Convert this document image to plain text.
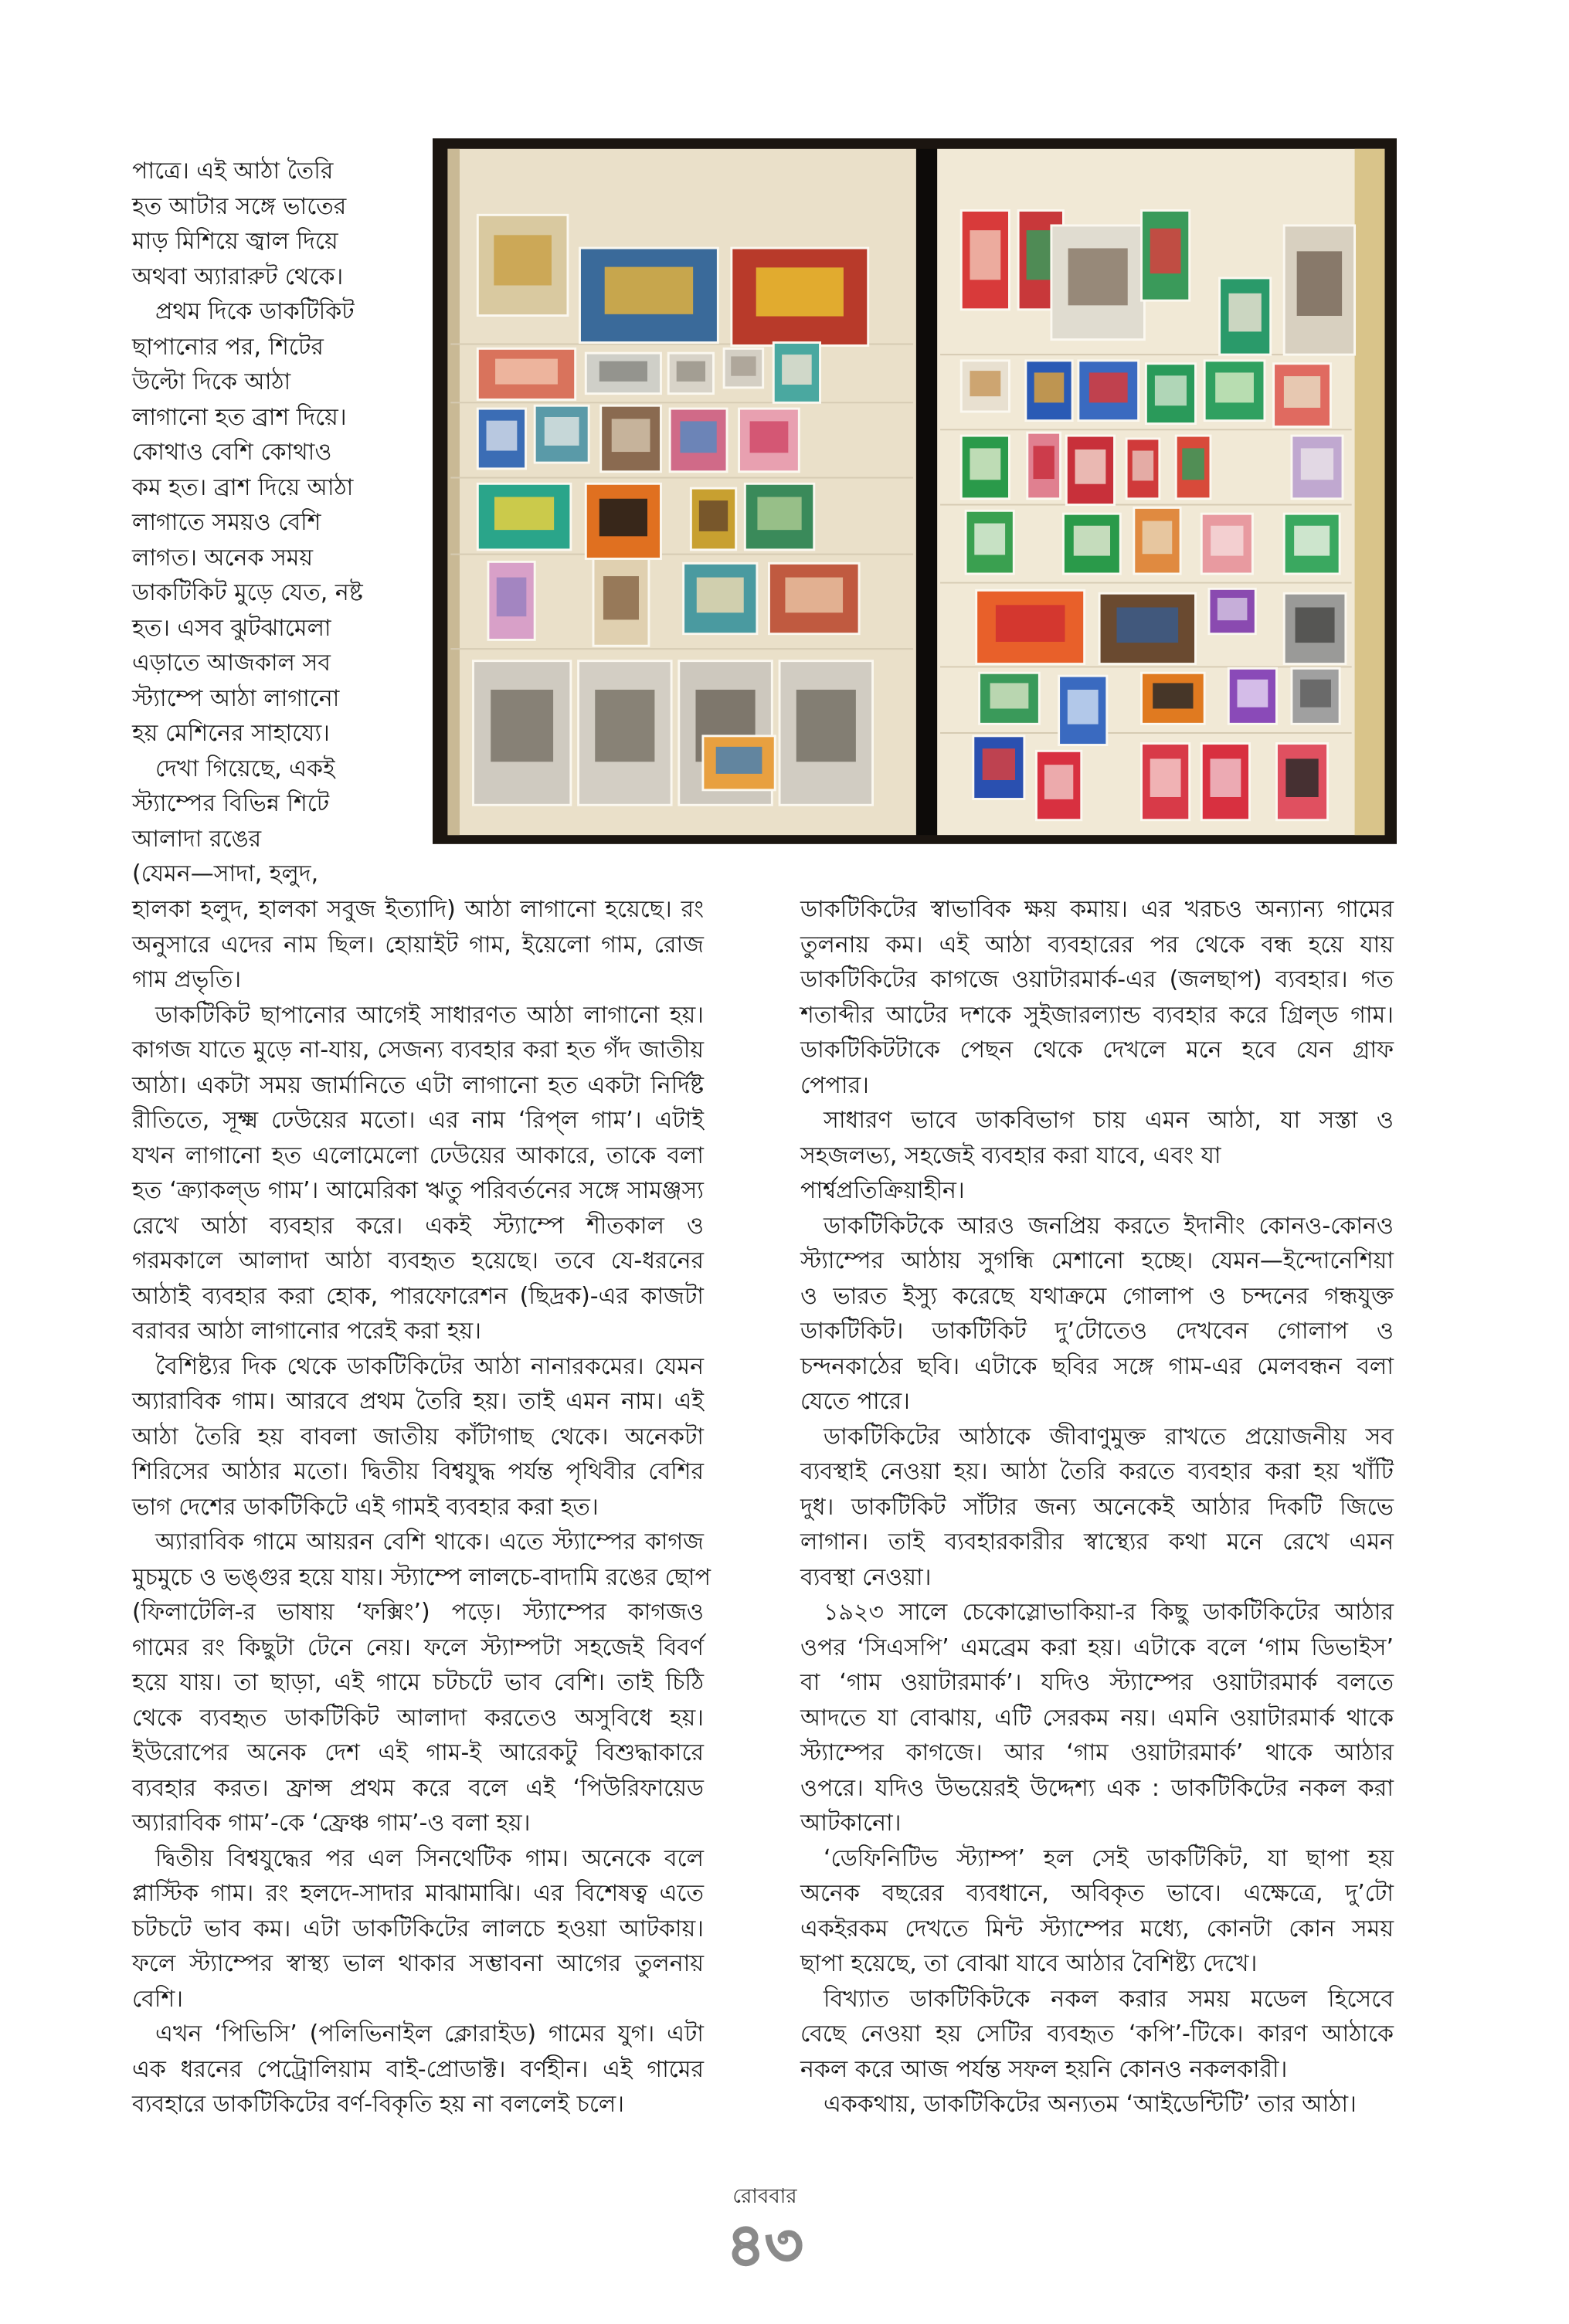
পাত্রে। এই আঠা তৈরি
হত আটার সঙ্গে ভাতের
মাড় মিশিয়ে জ্বাল দিয়ে
অথবা অ্যারারুট থেকে।
প্রথম দিকে ডাকটিকিট
ছাপানোর পর, শিটের
উল্টো দিকে আঠা
লাগানো হত ব্রাশ দিয়ে।
কোথাও বেশি কোথাও
কম হত। ব্রাশ দিয়ে আঠা
লাগাতে সময়ও বেশি
লাগত। অনেক সময়
ডাকটিকিট মুড়ে যেত, নষ্ট
হত। এসব ঝুটঝামেলা
এড়াতে আজকাল সব
স্ট্যাম্পে আঠা লাগানো
হয় মেশিনের সাহায্যে।
দেখা গিয়েছে, একই
স্ট্যাম্পের বিভিন্ন শিটে
আলাদা রঙের
(যেমন—সাদা, হলুদ,
হালকা হলুদ, হালকা সবুজ ইত্যাদি) আঠা লাগানো হয়েছে। রং
অনুসারে এদের নাম ছিল। হোয়াইট গাম, ইয়েলো গাম, রোজ
গাম প্রভৃতি।
ডাকটিকিট ছাপানোর আগেই সাধারণত আঠা লাগানো হয়।
কাগজ যাতে মুড়ে না-যায়, সেজন্য ব্যবহার করা হত গঁদ জাতীয়
আঠা। একটা সময় জার্মানিতে এটা লাগানো হত একটা নির্দিষ্ট
রীতিতে, সূক্ষ্ম ঢেউয়ের মতো। এর নাম ‘রিপ্‌ল গাম’। এটাই
যখন লাগানো হত এলোমেলো ঢেউয়ের আকারে, তাকে বলা
হত ‘ক্র্যাকল্‌ড গাম’। আমেরিকা ঋতু পরিবর্তনের সঙ্গে সামঞ্জস্য
রেখে আঠা ব্যবহার করে। একই স্ট্যাম্পে শীতকাল ও
গরমকালে আলাদা আঠা ব্যবহৃত হয়েছে। তবে যে-ধরনের
আঠাই ব্যবহার করা হোক, পারফোরেশন (ছিদ্রক)-এর কাজটা
বরাবর আঠা লাগানোর পরেই করা হয়।
বৈশিষ্ট্যর দিক থেকে ডাকটিকিটের আঠা নানারকমের। যেমন
অ্যারাবিক গাম। আরবে প্রথম তৈরি হয়। তাই এমন নাম। এই
আঠা তৈরি হয় বাবলা জাতীয় কাঁটাগাছ থেকে। অনেকটা
শিরিসের আঠার মতো। দ্বিতীয় বিশ্বযুদ্ধ পর্যন্ত পৃথিবীর বেশির
ভাগ দেশের ডাকটিকিটে এই গামই ব্যবহার করা হত।
অ্যারাবিক গামে আয়রন বেশি থাকে। এতে স্ট্যাম্পের কাগজ
মুচমুচে ও ভঙ্গুর হয়ে যায়। স্ট্যাম্পে লালচে-বাদামি রঙের ছোপ
(ফিলাটেলি-র ভাষায় ‘ফক্সিং’) পড়ে। স্ট্যাম্পের কাগজও
গামের রং কিছুটা টেনে নেয়। ফলে স্ট্যাম্পটা সহজেই বিবর্ণ
হয়ে যায়। তা ছাড়া, এই গামে চটচটে ভাব বেশি। তাই চিঠি
থেকে ব্যবহৃত ডাকটিকিট আলাদা করতেও অসুবিধে হয়।
ইউরোপের অনেক দেশ এই গাম-ই আরেকটু বিশুদ্ধাকারে
ব্যবহার করত। ফ্রান্স প্রথম করে বলে এই ‘পিউরিফায়েড
অ্যারাবিক গাম’-কে ‘ফ্রেঞ্চ গাম’-ও বলা হয়।
দ্বিতীয় বিশ্বযুদ্ধের পর এল সিনথেটিক গাম। অনেকে বলে
প্লাস্টিক গাম। রং হলদে-সাদার মাঝামাঝি। এর বিশেষত্ব এতে
চটচটে ভাব কম। এটা ডাকটিকিটের লালচে হওয়া আটকায়।
ফলে স্ট্যাম্পের স্বাস্থ্য ভাল থাকার সম্ভাবনা আগের তুলনায়
বেশি।
এখন ‘পিভিসি’ (পলিভিনাইল ক্লোরাইড) গামের যুগ। এটা
এক ধরনের পেট্রোলিয়াম বাই-প্রোডাক্ট। বর্ণহীন। এই গামের
ব্যবহারে ডাকটিকিটের বর্ণ-বিকৃতি হয় না বললেই চলে।
ডাকটিকিটের স্বাভাবিক ক্ষয় কমায়। এর খরচও অন্যান্য গামের
তুলনায় কম। এই আঠা ব্যবহারের পর থেকে বন্ধ হয়ে যায়
ডাকটিকিটের কাগজে ওয়াটারমার্ক-এর (জলছাপ) ব্যবহার। গত
শতাব্দীর আটের দশকে সুইজারল্যান্ড ব্যবহার করে গ্রিল্‌ড গাম।
ডাকটিকিটটাকে পেছন থেকে দেখলে মনে হবে যেন গ্রাফ
পেপার।
সাধারণ ভাবে ডাকবিভাগ চায় এমন আঠা, যা সস্তা ও
সহজলভ্য, সহজেই ব্যবহার করা যাবে, এবং যা
পার্শ্বপ্রতিক্রিয়াহীন।
ডাকটিকিটকে আরও জনপ্রিয় করতে ইদানীং কোনও-কোনও
স্ট্যাম্পের আঠায় সুগন্ধি মেশানো হচ্ছে। যেমন—ইন্দোনেশিয়া
ও ভারত ইস্যু করেছে যথাক্রমে গোলাপ ও চন্দনের গন্ধযুক্ত
ডাকটিকিট। ডাকটিকিট দু’টোতেও দেখবেন গোলাপ ও
চন্দনকাঠের ছবি। এটাকে ছবির সঙ্গে গাম-এর মেলবন্ধন বলা
যেতে পারে।
ডাকটিকিটের আঠাকে জীবাণুমুক্ত রাখতে প্রয়োজনীয় সব
ব্যবস্থাই নেওয়া হয়। আঠা তৈরি করতে ব্যবহার করা হয় খাঁটি
দুধ। ডাকটিকিট সাঁটার জন্য অনেকেই আঠার দিকটি জিভে
লাগান। তাই ব্যবহারকারীর স্বাস্থ্যের কথা মনে রেখে এমন
ব্যবস্থা নেওয়া।
১৯২৩ সালে চেকোস্লোভাকিয়া-র কিছু ডাকটিকিটের আঠার
ওপর ‘সিএসপি’ এমব্রেম করা হয়। এটাকে বলে ‘গাম ডিভাইস’
বা ‘গাম ওয়াটারমার্ক’। যদিও স্ট্যাম্পের ওয়াটারমার্ক বলতে
আদতে যা বোঝায়, এটি সেরকম নয়। এমনি ওয়াটারমার্ক থাকে
স্ট্যাম্পের কাগজে। আর ‘গাম ওয়াটারমার্ক’ থাকে আঠার
ওপরে। যদিও উভয়েরই উদ্দেশ্য এক : ডাকটিকিটের নকল করা
আটকানো।
‘ডেফিনিটিভ স্ট্যাম্প’ হল সেই ডাকটিকিট, যা ছাপা হয়
অনেক বছরের ব্যবধানে, অবিকৃত ভাবে। এক্ষেত্রে, দু’টো
একইরকম দেখতে মিন্ট স্ট্যাম্পের মধ্যে, কোনটা কোন সময়
ছাপা হয়েছে, তা বোঝা যাবে আঠার বৈশিষ্ট্য দেখে।
বিখ্যাত ডাকটিকিটকে নকল করার সময় মডেল হিসেবে
বেছে নেওয়া হয় সেটির ব্যবহৃত ‘কপি’-টিকে। কারণ আঠাকে
নকল করে আজ পর্যন্ত সফল হয়নি কোনও নকলকারী।
এককথায়, ডাকটিকিটের অন্যতম ‘আইডেন্টিটি’ তার আঠা।
রোববার
৪৩
